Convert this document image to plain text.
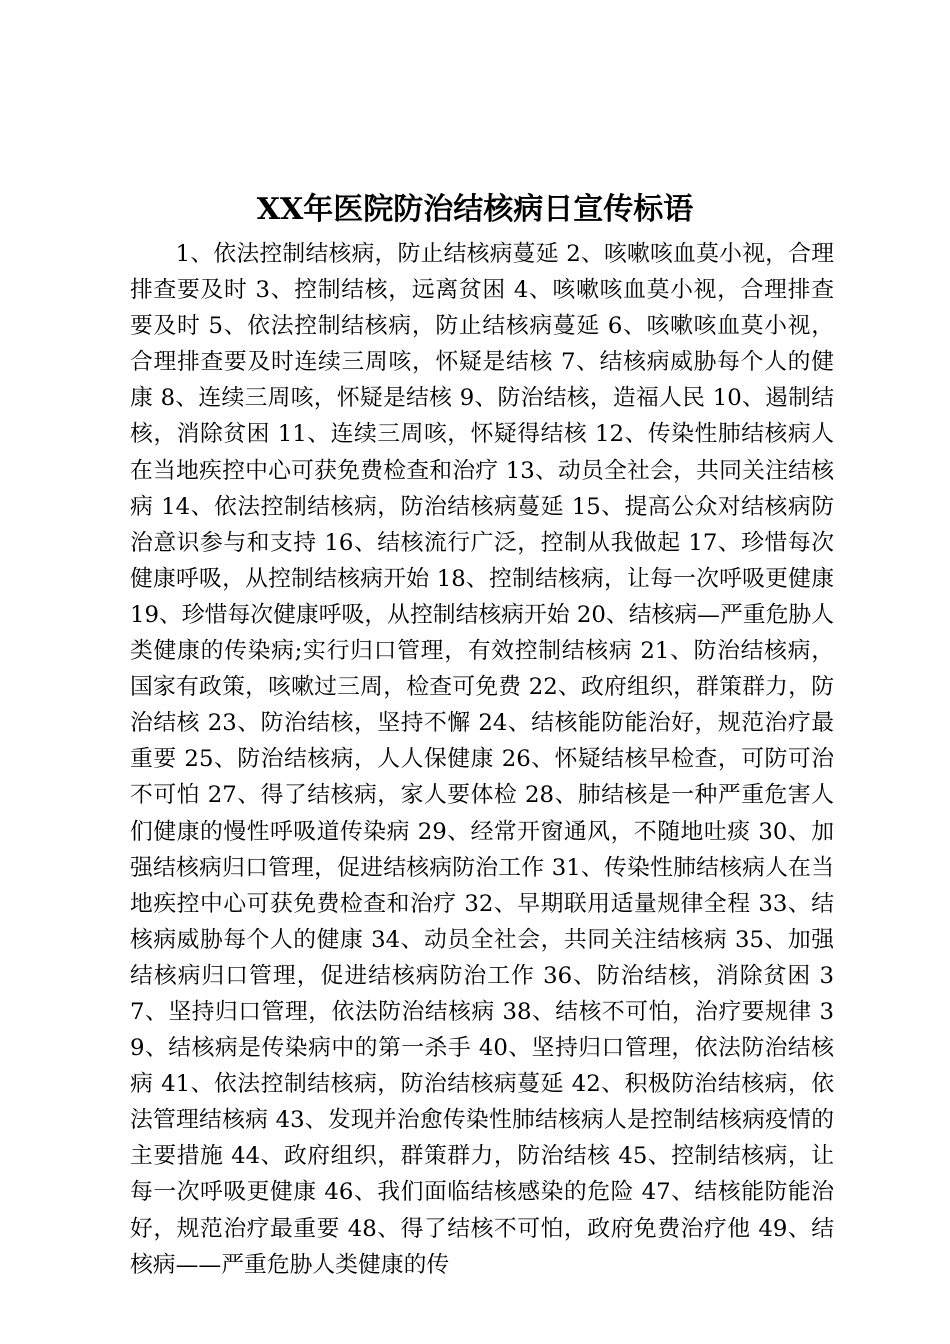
XX年医院防治结核病日宣传标语

1、依法控制结核病，防止结核病蔓延 2、咳嗽咳血莫小视，合理排查要及时 3、控制结核，远离贫困 4、咳嗽咳血莫小视，合理排查要及时 5、依法控制结核病，防止结核病蔓延 6、咳嗽咳血莫小视，合理排查要及时连续三周咳，怀疑是结核 7、结核病威胁每个人的健康 8、连续三周咳，怀疑是结核 9、防治结核，造福人民 10、遏制结核，消除贫困 11、连续三周咳，怀疑得结核 12、传染性肺结核病人在当地疾控中心可获免费检查和治疗 13、动员全社会，共同关注结核病 14、依法控制结核病，防治结核病蔓延 15、提高公众对结核病防治意识参与和支持 16、结核流行广泛，控制从我做起 17、珍惜每次健康呼吸，从控制结核病开始 18、控制结核病，让每一次呼吸更健康 19、珍惜每次健康呼吸，从控制结核病开始 20、结核病—严重危胁人类健康的传染病;实行归口管理，有效控制结核病 21、防治结核病，国家有政策，咳嗽过三周，检查可免费 22、政府组织，群策群力，防治结核 23、防治结核，坚持不懈 24、结核能防能治好，规范治疗最重要 25、防治结核病，人人保健康 26、怀疑结核早检查，可防可治不可怕 27、得了结核病，家人要体检 28、肺结核是一种严重危害人们健康的慢性呼吸道传染病 29、经常开窗通风，不随地吐痰 30、加强结核病归口管理，促进结核病防治工作 31、传染性肺结核病人在当地疾控中心可获免费检查和治疗 32、早期联用适量规律全程 33、结核病威胁每个人的健康 34、动员全社会，共同关注结核病 35、加强结核病归口管理，促进结核病防治工作 36、防治结核，消除贫困 37、坚持归口管理，依法防治结核病 38、结核不可怕，治疗要规律 39、结核病是传染病中的第一杀手 40、坚持归口管理，依法防治结核病 41、依法控制结核病，防治结核病蔓延 42、积极防治结核病，依法管理结核病 43、发现并治愈传染性肺结核病人是控制结核病疫情的主要措施 44、政府组织，群策群力，防治结核 45、控制结核病，让每一次呼吸更健康 46、我们面临结核感染的危险 47、结核能防能治好，规范治疗最重要 48、得了结核不可怕，政府免费治疗他 49、结核病——严重危胁人类健康的传
